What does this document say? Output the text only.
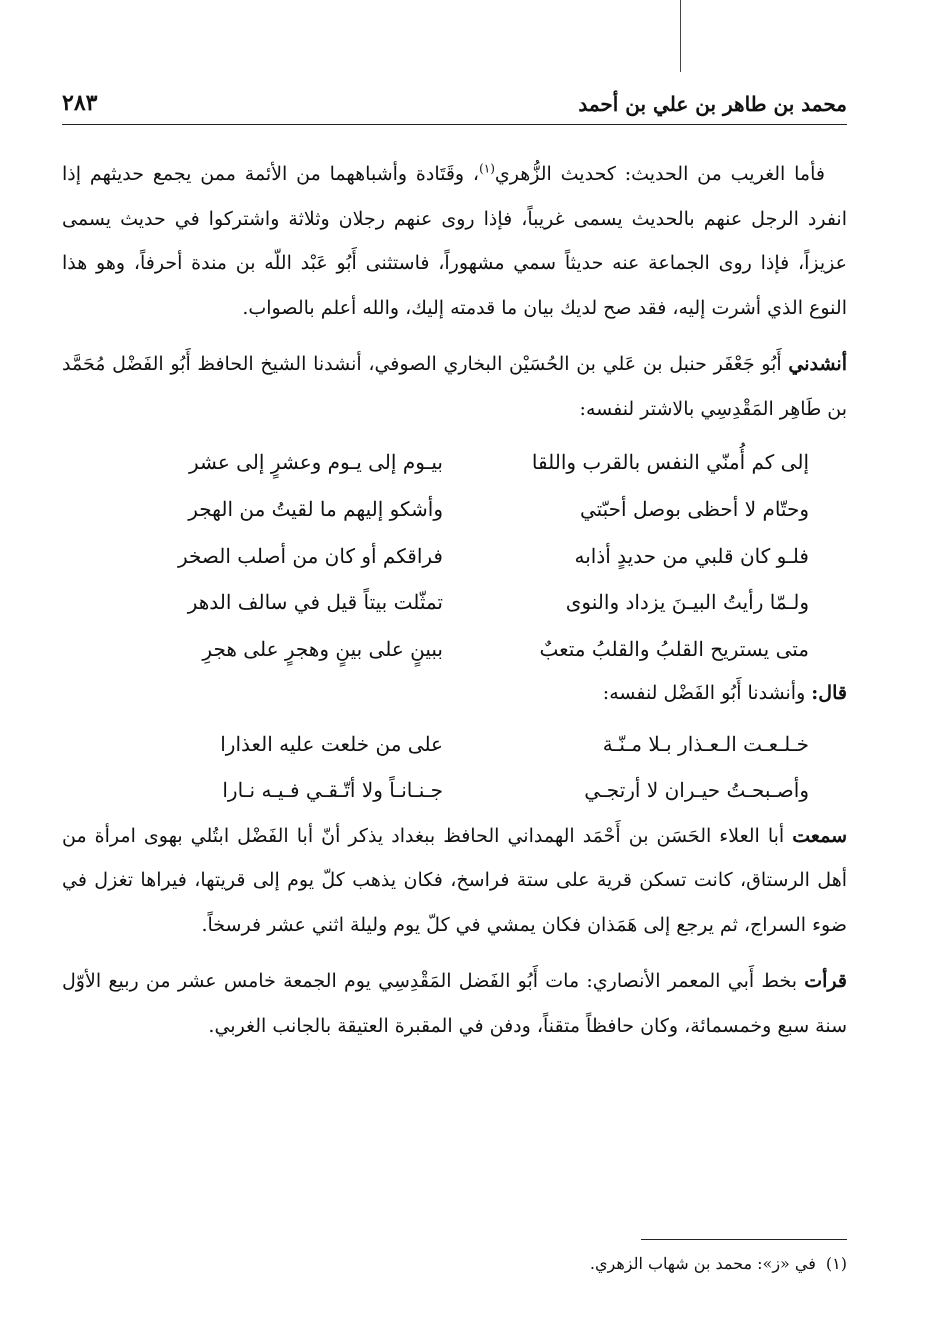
محمد بن طاهر بن علي بن أحمد
٢٨٣

فأما الغريب من الحديث: كحديث الزُّهري$^{(١)}$، وقَتَادة وأشباههما من الأئمة ممن يجمع حديثهم إذا انفرد الرجل عنهم بالحديث يسمى غريباً، فإذا روى عنهم رجلان وثلاثة واشتركوا في حديث يسمى عزيزاً، فإذا روى الجماعة عنه حديثاً سمي مشهوراً، فاستثنى أَبُو عَبْد اللّه بن مندة أحرفاً، وهو هذا النوع الذي أشرت إليه، فقد صح لديك بيان ما قدمته إليك، والله أعلم بالصواب.

أنشدني أَبُو جَعْفَر حنبل بن عَلي بن الحُسَيْن البخاري الصوفي، أنشدنا الشيخ الحافظ أَبُو الفَضْل مُحَمَّد بن طَاهِر المَقْدِسِي بالاشتر لنفسه:

إلى كم أُمنّي النفس بالقرب واللقا
بيـوم إلى يـوم وعشرٍ إلى عشر
وحتّام لا أحظى بوصل أحبّتي
وأشكو إليهم ما لقيتُ من الهجر
فلـو كان قلبي من حديدٍ أذابه
فراقكم أو كان من أصلب الصخر
ولـمّا رأيتُ البيـنَ يزداد والنوى
تمثّلت بيتاً قيل في سالف الدهر
متى يستريح القلبُ والقلبُ متعبٌ
ببينٍ على بينٍ وهجرٍ على هجرِ

قال: وأنشدنا أَبُو الفَضْل لنفسه:

خـلـعـت الـعـذار بـلا مـنّـة
على من خلعت عليه العذارا
وأصـبحـتُ حيـران لا أرتجـي
جـنـانـاً ولا أتّـقـي فـيـه نـارا

سمعت أبا العلاء الحَسَن بن أَحْمَد الهمداني الحافظ ببغداد يذكر أنّ أبا الفَضْل ابتُلي بهوى امرأة من أهل الرستاق، كانت تسكن قرية على ستة فراسخ، فكان يذهب كلّ يوم إلى قريتها، فيراها تغزل في ضوء السراج، ثم يرجع إلى هَمَذان فكان يمشي في كلّ يوم وليلة اثني عشر فرسخاً.

قرأت بخط أَبي المعمر الأنصاري: مات أَبُو الفَضل المَقْدِسِي يوم الجمعة خامس عشر من ربيع الأوّل سنة سبع وخمسمائة، وكان حافظاً متقناً، ودفن في المقبرة العتيقة بالجانب الغربي.

(١)في «ز»: محمد بن شهاب الزهري.
